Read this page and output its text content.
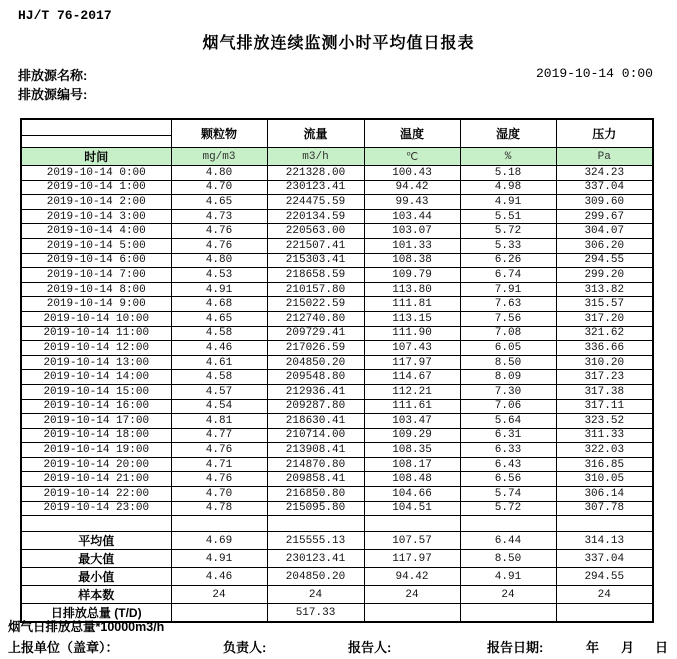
HJ/T 76-2017
烟气排放连续监测小时平均值日报表
排放源名称:
排放源编号:
2019-10-14 0:00
	颗粒物	流量	温度	湿度	压力

时间	mg/m3	m3/h	℃	%	Pa
2019-10-14 0:00	4.80	221328.00	100.43	5.18	324.23
2019-10-14 1:00	4.70	230123.41	94.42	4.98	337.04
2019-10-14 2:00	4.65	224475.59	99.43	4.91	309.60
2019-10-14 3:00	4.73	220134.59	103.44	5.51	299.67
2019-10-14 4:00	4.76	220563.00	103.07	5.72	304.07
2019-10-14 5:00	4.76	221507.41	101.33	5.33	306.20
2019-10-14 6:00	4.80	215303.41	108.38	6.26	294.55
2019-10-14 7:00	4.53	218658.59	109.79	6.74	299.20
2019-10-14 8:00	4.91	210157.80	113.80	7.91	313.82
2019-10-14 9:00	4.68	215022.59	111.81	7.63	315.57
2019-10-14 10:00	4.65	212740.80	113.15	7.56	317.20
2019-10-14 11:00	4.58	209729.41	111.90	7.08	321.62
2019-10-14 12:00	4.46	217026.59	107.43	6.05	336.66
2019-10-14 13:00	4.61	204850.20	117.97	8.50	310.20
2019-10-14 14:00	4.58	209548.80	114.67	8.09	317.23
2019-10-14 15:00	4.57	212936.41	112.21	7.30	317.38
2019-10-14 16:00	4.54	209287.80	111.61	7.06	317.11
2019-10-14 17:00	4.81	218630.41	103.47	5.64	323.52
2019-10-14 18:00	4.77	210714.00	109.29	6.31	311.33
2019-10-14 19:00	4.76	213908.41	108.35	6.33	322.03
2019-10-14 20:00	4.71	214870.80	108.17	6.43	316.85
2019-10-14 21:00	4.76	209858.41	108.48	6.56	310.05
2019-10-14 22:00	4.70	216850.80	104.66	5.74	306.14
2019-10-14 23:00	4.78	215095.80	104.51	5.72	307.78

平均值	4.69	215555.13	107.57	6.44	314.13
最大值	4.91	230123.41	117.97	8.50	337.04
最小值	4.46	204850.20	94.42	4.91	294.55
样本数	24	24	24	24	24
日排放总量 (T/D)		517.33			
烟气日排放总量*10000m3/h
上报单位（盖章）：	负责人:	报告人:	报告日期:	年 月 日
